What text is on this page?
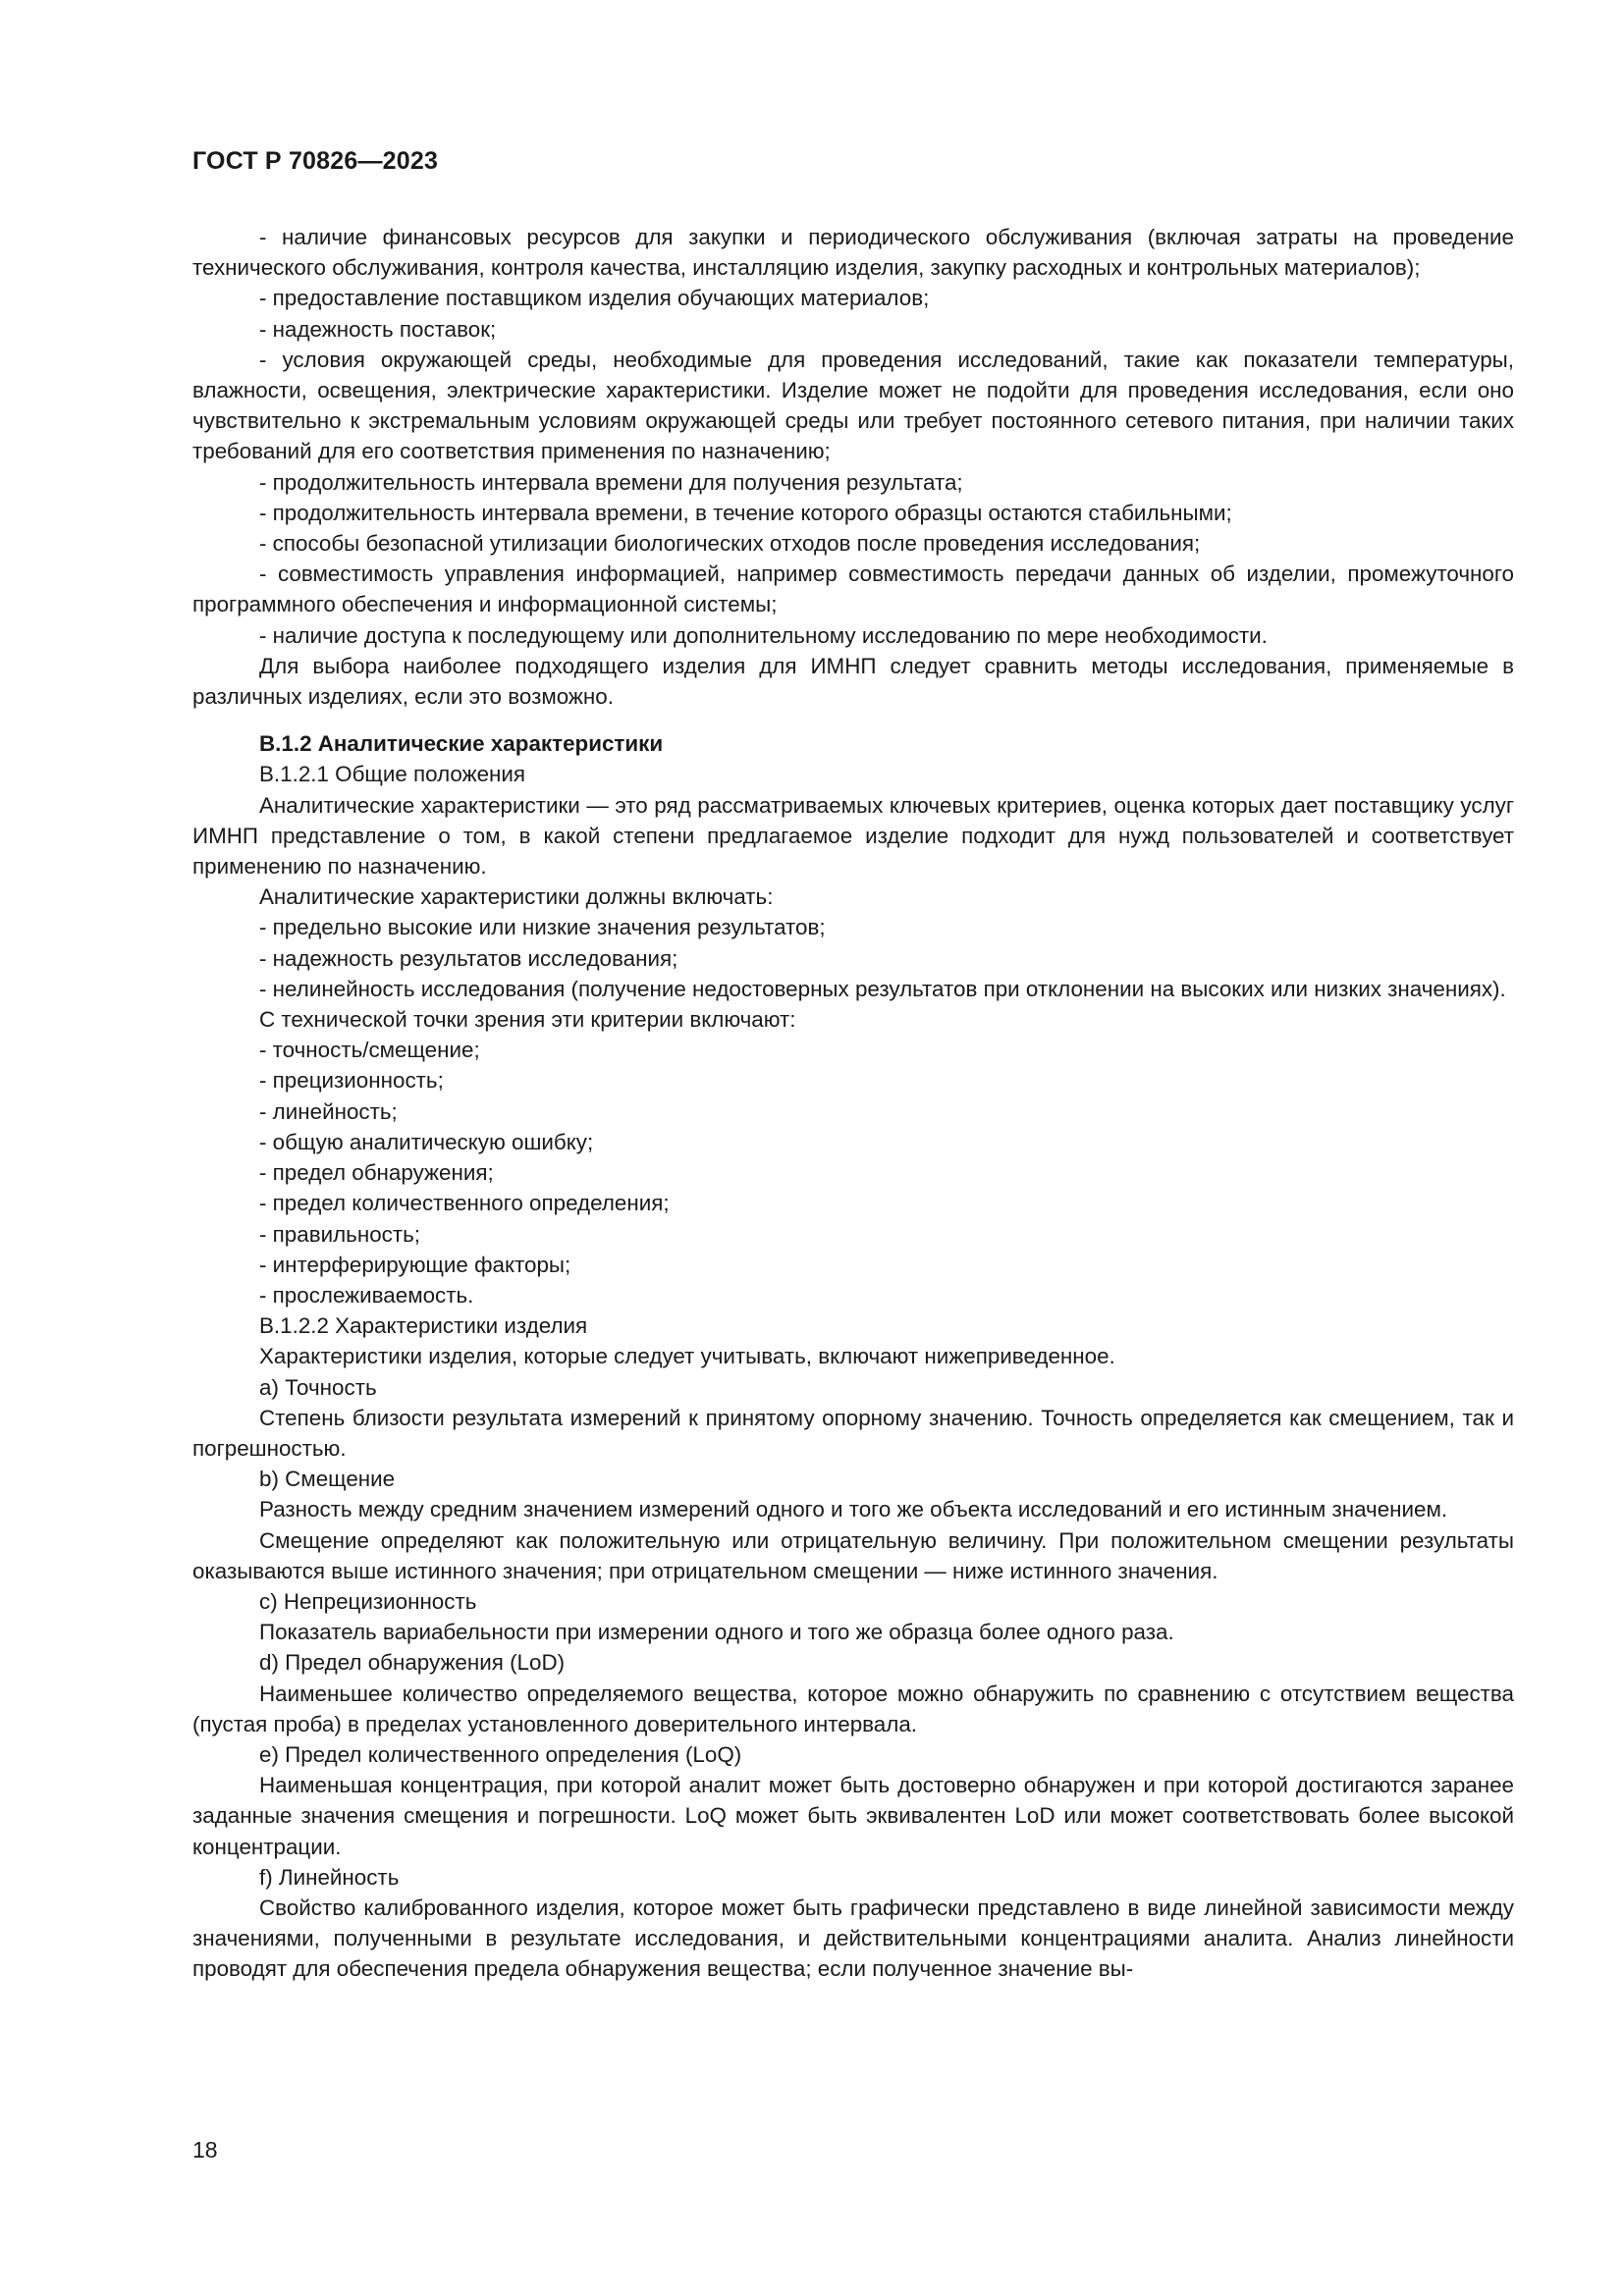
ГОСТ Р 70826—2023

- наличие финансовых ресурсов для закупки и периодического обслуживания (включая затраты на проведение технического обслуживания, контроля качества, инсталляцию изделия, закупку расходных и контрольных материалов);

- предоставление поставщиком изделия обучающих материалов;

- надежность поставок;

- условия окружающей среды, необходимые для проведения исследований, такие как показатели температуры, влажности, освещения, электрические характеристики. Изделие может не подойти для проведения исследования, если оно чувствительно к экстремальным условиям окружающей среды или требует постоянного сетевого питания, при наличии таких требований для его соответствия применения по назначению;

- продолжительность интервала времени для получения результата;

- продолжительность интервала времени, в течение которого образцы остаются стабильными;

- способы безопасной утилизации биологических отходов после проведения исследования;

- совместимость управления информацией, например совместимость передачи данных об изделии, промежуточного программного обеспечения и информационной системы;

- наличие доступа к последующему или дополнительному исследованию по мере необходимости.

Для выбора наиболее подходящего изделия для ИМНП следует сравнить методы исследования, применяемые в различных изделиях, если это возможно.

В.1.2 Аналитические характеристики

В.1.2.1 Общие положения

Аналитические характеристики — это ряд рассматриваемых ключевых критериев, оценка которых дает поставщику услуг ИМНП представление о том, в какой степени предлагаемое изделие подходит для нужд пользователей и соответствует применению по назначению.

Аналитические характеристики должны включать:

- предельно высокие или низкие значения результатов;

- надежность результатов исследования;

- нелинейность исследования (получение недостоверных результатов при отклонении на высоких или низких значениях).

С технической точки зрения эти критерии включают:

- точность/смещение;

- прецизионность;

- линейность;

- общую аналитическую ошибку;

- предел обнаружения;

- предел количественного определения;

- правильность;

- интерферирующие факторы;

- прослеживаемость.

В.1.2.2 Характеристики изделия

Характеристики изделия, которые следует учитывать, включают нижеприведенное.

а) Точность

Степень близости результата измерений к принятому опорному значению. Точность определяется как смещением, так и погрешностью.

b) Смещение

Разность между средним значением измерений одного и того же объекта исследований и его истинным значением.

Смещение определяют как положительную или отрицательную величину. При положительном смещении результаты оказываются выше истинного значения; при отрицательном смещении — ниже истинного значения.

с) Непрецизионность

Показатель вариабельности при измерении одного и того же образца более одного раза.

d) Предел обнаружения (LoD)

Наименьшее количество определяемого вещества, которое можно обнаружить по сравнению с отсутствием вещества (пустая проба) в пределах установленного доверительного интервала.

е) Предел количественного определения (LoQ)

Наименьшая концентрация, при которой аналит может быть достоверно обнаружен и при которой достигаются заранее заданные значения смещения и погрешности. LoQ может быть эквивалентен LoD или может соответствовать более высокой концентрации.

f) Линейность

Свойство калиброванного изделия, которое может быть графически представлено в виде линейной зависимости между значениями, полученными в результате исследования, и действительными концентрациями аналита. Анализ линейности проводят для обеспечения предела обнаружения вещества; если полученное значение вы-

18
